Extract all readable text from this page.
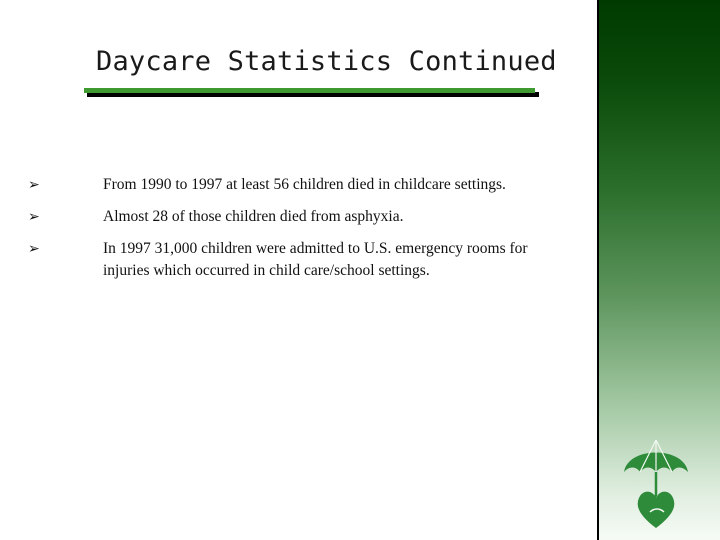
Daycare Statistics Continued
➢	From 1990 to 1997 at least 56 children died in childcare settings.
➢	Almost 28 of those children died from asphyxia.
➢	In 1997 31,000 children were admitted to U.S. emergency rooms for injuries which occurred in child care/school settings.
